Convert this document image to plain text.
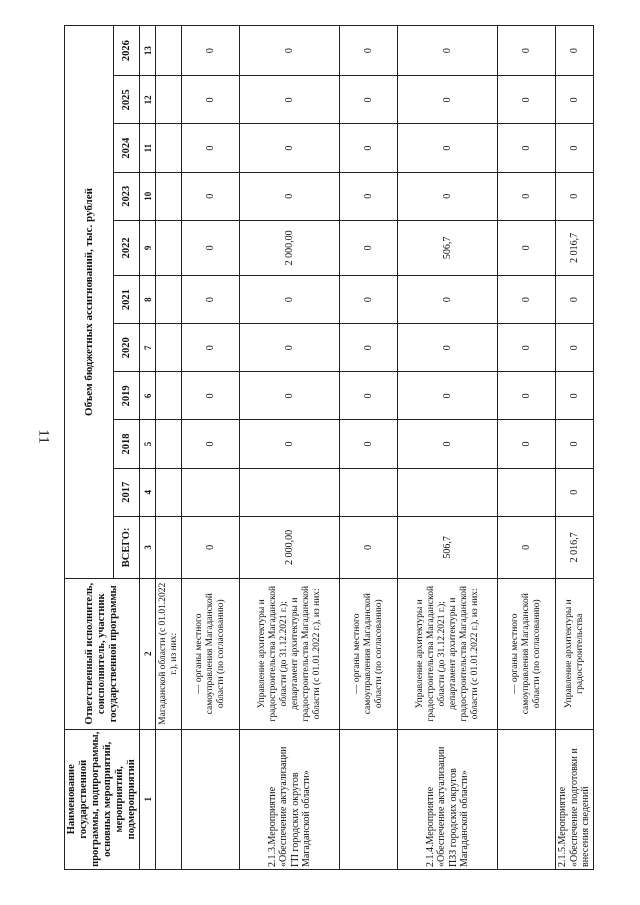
11
Наименование государственной программы, подпрограммы, основных мероприятий, мероприятий, подмероприятий	Ответственный исполнитель, соисполнитель, участник государственной программы	Объем бюджетных ассигнований, тыс. рублей										
		ВСЕГО:	2017	2018	2019	2020	2021	2022	2023	2024	2025	2026
1	2	3	4	5	6	7	8	9	10	11	12	13
	Магаданской области (с 01.01.2022 г.), из них:											
	— органы местного самоуправления Магаданской области (по согласованию)	0		0	0	0	0	0	0	0	0	0
2.1.3.Мероприятие «Обеспечение актуализации ГП городских округов Магаданской области»	Управление архитектуры и градостроительства Магаданской области (до 31.12.2021 г.); департамент архитектуры и градостроительства Магаданской области (с 01.01.2022 г.), из них:	2 000,00		0	0	0	0	2 000,00	0	0	0	0
	— органы местного самоуправления Магаданской области (по согласованию)	0		0	0	0	0	0	0	0	0	0
2.1.4.Мероприятие «Обеспечение актуализации ПЗЗ городских округов Магаданской области»	Управление архитектуры и градостроительства Магаданской области (до 31.12.2021 г.); департамент архитектуры и градостроительства Магаданской области (с 01.01.2022 г.), из них:	506,7		0	0	0	0	506,7	0	0	0	0
	— органы местного самоуправления Магаданской области (по согласованию)	0		0	0	0	0	0	0	0	0	0
2.1.5.Мероприятие «Обеспечение подготовки и внесения сведений	Управление архитектуры и градостроительства	2 016,7	0	0	0	0	0	2 016,7	0	0	0	0
